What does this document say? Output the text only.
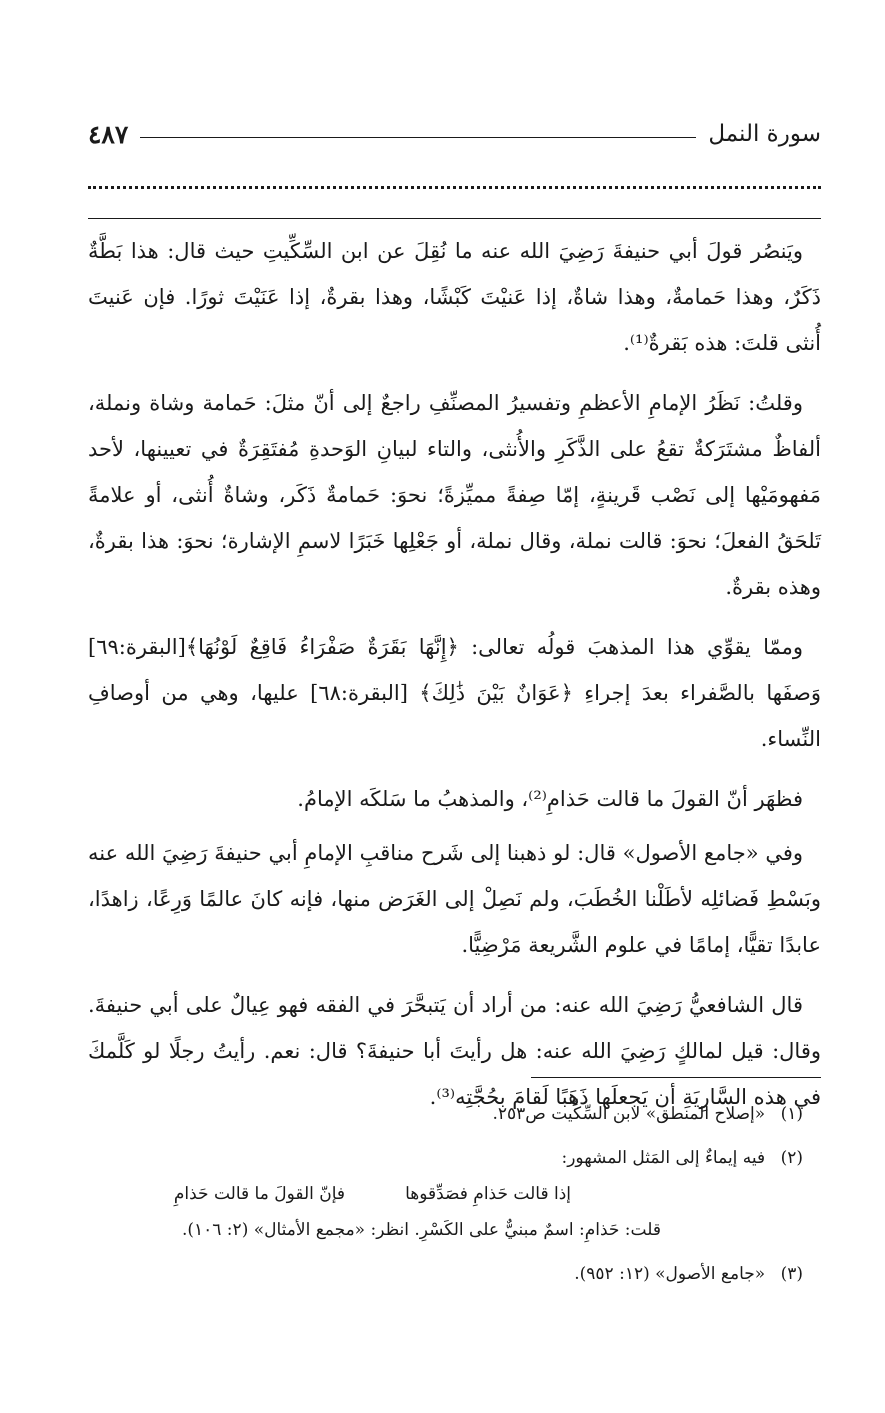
سورة النمل
٤٨٧

ويَنصُر قولَ أبي حنيفةَ رَضِيَ الله عنه ما نُقِلَ عن ابن السِّكِّيتِ حيث قال: هذا بَطَّةٌ ذَكَرٌ، وهذا حَمامةٌ، وهذا شاةٌ، إذا عَنيْتَ كَبْشًا، وهذا بقرةٌ، إذا عَنَيْتَ ثورًا. فإن عَنيتَ أُنثى قلتَ: هذه بَقرةٌ⁽¹⁾.

وقلتُ: نَظَرُ الإمامِ الأعظمِ وتفسيرُ المصنِّفِ راجعٌ إلى أنّ مثلَ: حَمامة وشاة ونملة، ألفاظٌ مشتَرَكةٌ تقعُ على الذَّكَرِ والأُنثى، والتاء لبيانِ الوَحدةِ مُفتَقِرَةٌ في تعيينها، لأحد مَفهومَيْها إلى نَصْب قَرينةٍ، إمّا صِفةً مميِّزةً؛ نحوَ: حَمامةٌ ذَكَر، وشاةٌ أُنثى، أو علامةً تَلحَقُ الفعلَ؛ نحوَ: قالت نملة، وقال نملة، أو جَعْلِها خَبَرًا لاسمِ الإشارة؛ نحوَ: هذا بقرةٌ، وهذه بقرةٌ.

وممّا يقوِّي هذا المذهبَ قولُه تعالى: ﴿إِنَّهَا بَقَرَةٌ صَفْرَاءُ فَاقِعٌ لَوْنُهَا﴾[البقرة:٦٩] وَصفَها بالصَّفراء بعدَ إجراءِ ﴿عَوَانٌ بَيْنَ ذَٰلِكَ﴾ [البقرة:٦٨] عليها، وهي من أوصافِ النِّساء.

فظهَر أنّ القولَ ما قالت حَذامِ⁽²⁾، والمذهبُ ما سَلكَه الإمامُ.

وفي «جامع الأصول» قال: لو ذهبنا إلى شَرح مناقبِ الإمامِ أبي حنيفةَ رَضِيَ الله عنه وبَسْطِ فَضائلِه لأطَلْنا الخُطَبَ، ولم نَصِلْ إلى الغَرَض منها، فإنه كانَ عالمًا وَرِعًا، زاهدًا، عابدًا تقيًّا، إمامًا في علوم الشَّريعة مَرْضِيًّا.

قال الشافعيُّ رَضِيَ الله عنه: من أراد أن يَتبحَّرَ في الفقه فهو عِيالٌ على أبي حنيفةَ. وقال: قيل لمالكٍ رَضِيَ الله عنه: هل رأيتَ أبا حنيفةَ؟ قال: نعم. رأيتُ رجلًا لو كَلَّمكَ في هذه السَّارِيَةِ أن يَجعلَها ذَهَبًا لَقامَ بحُجَّتِه⁽³⁾.

(١) «إصلاح المنطق» لابن السِّكِّيت ص٢٥٣.

(٢) فيه إيماءٌ إلى المَثل المشهور:

إذا قالت حَذامِ فصَدِّقوها
فإنّ القولَ ما قالت حَذامِ

قلت: حَذامِ: اسمٌ مبنيٌّ على الكَسْرِ. انظر: «مجمع الأمثال» (٢: ١٠٦).

(٣) «جامع الأصول» (١٢: ٩٥٢).
